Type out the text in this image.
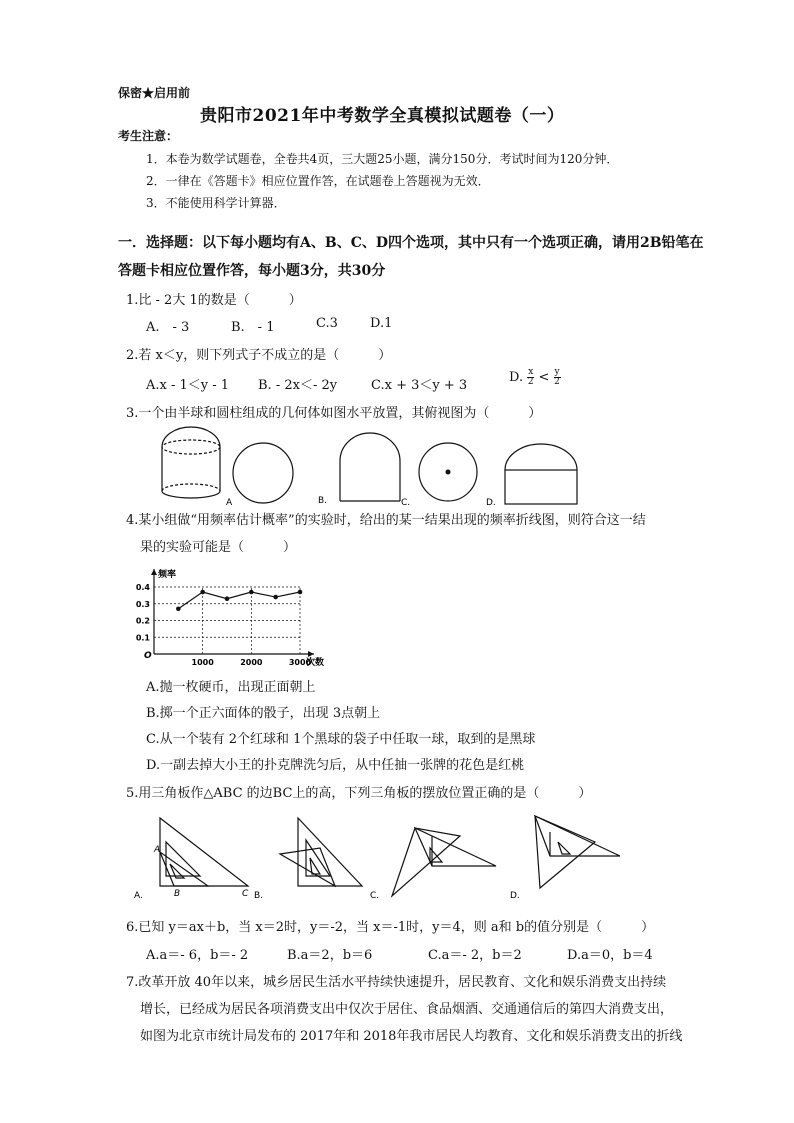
保密★启用前
贵阳市2021年中考数学全真模拟试题卷（一）
考生注意：
1．本卷为数学试题卷，全卷共4页，三大题25小题，满分150分．考试时间为120分钟．
2．一律在《答题卡》相应位置作答，在试题卷上答题视为无效．
3．不能使用科学计算器．
一．选择题：以下每小题均有A、B、C、D四个选项，其中只有一个选项正确，请用2B铅笔在
答题卡相应位置作答，每小题3分，共30分
1.比 - 2大 1的数是（　　　）
A.　- 3	B.　- 1	C.3 D.1
2.若 x＜y，则下列式子不成立的是（　　　）
A.x - 1＜y - 1 B. - 2x＜- 2y	C.x + 3＜y + 3
D. $\frac{x}{2} < \frac{y}{2}$
3.一个由半球和圆柱组成的几何体如图水平放置，其俯视图为（　　　）
A	B.	C.	D.
4.某小组做“用频率估计概率”的实验时，给出的某一结果出现的频率折线图，则符合这一结
果的实验可能是（　　　）
0.4
0.3
0.2
0.1
1000	2000	3000
O
频率
次数
A.抛一枚硬币，出现正面朝上
B.掷一个正六面体的骰子，出现 3点朝上
C.从一个装有 2个红球和 1个黑球的袋子中任取一球，取到的是黑球
D.一副去掉大小王的扑克牌洗匀后，从中任抽一张牌的花色是红桃
5.用三角板作△ABC 的边BC上的高，下列三角板的摆放位置正确的是（　　　）
A
B	C
A.	B.	C.	D.
6.已知 y＝ax＋b，当 x＝2时，y＝-2，当 x＝-1时，y＝4，则 a和 b的值分别是（　　　）
A.a＝- 6，b＝- 2	B.a＝2，b＝6	C.a＝- 2，b＝2	D.a＝0，b＝4
7.改革开放 40年以来，城乡居民生活水平持续快速提升，居民教育、文化和娱乐消费支出持续
增长，已经成为居民各项消费支出中仅次于居住、食品烟酒、交通通信后的第四大消费支出，
如图为北京市统计局发布的 2017年和 2018年我市居民人均教育、文化和娱乐消费支出的折线
